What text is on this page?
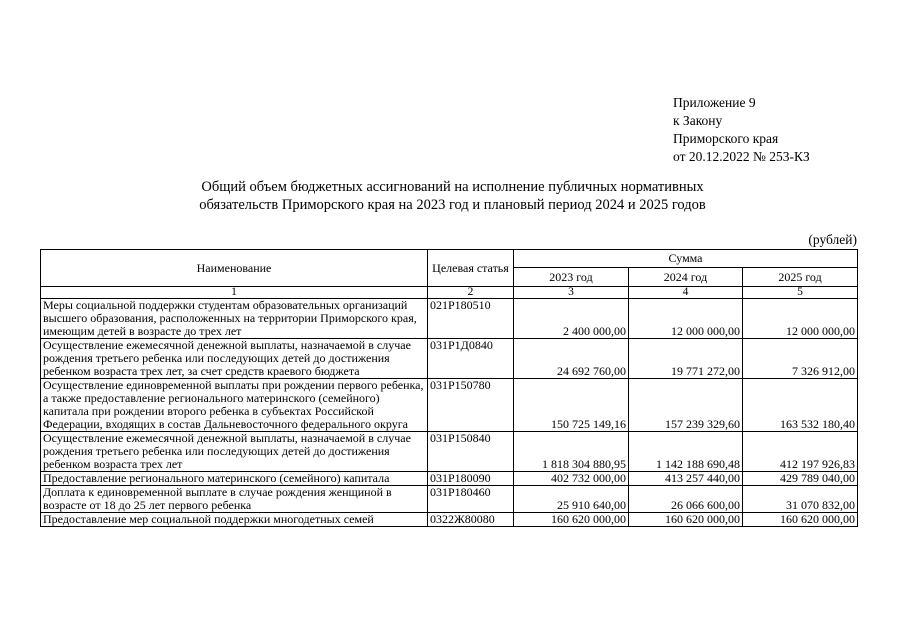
Приложение 9
к Закону
Приморского края
от 20.12.2022 № 253-КЗ
Общий объем бюджетных ассигнований на исполнение публичных нормативных
обязательств Приморского края на 2023 год и плановый период 2024 и 2025 годов
(рублей)
Наименование	Целевая статья	Сумма		
		2023 год	2024 год	2025 год
1	2	3	4	5
Меры социальной поддержки студентам образовательных организаций высшего образования, расположенных на территории Приморского края, имеющим детей в возрасте до трех лет	021Р180510	2 400 000,00	12 000 000,00	12 000 000,00
Осуществление ежемесячной денежной выплаты, назначаемой в случае рождения третьего ребенка или последующих детей до достижения ребенком возраста трех лет, за счет средств краевого бюджета	031Р1Д0840	24 692 760,00	19 771 272,00	7 326 912,00
Осуществление единовременной выплаты при рождении первого ребенка, а также предоставление регионального материнского (семейного) капитала при рождении второго ребенка в субъектах Российской Федерации, входящих в состав Дальневосточного федерального округа	031Р150780	150 725 149,16	157 239 329,60	163 532 180,40
Осуществление ежемесячной денежной выплаты, назначаемой в случае рождения третьего ребенка или последующих детей до достижения ребенком возраста трех лет	031Р150840	1 818 304 880,95	1 142 188 690,48	412 197 926,83
Предоставление регионального материнского (семейного) капитала	031Р180090	402 732 000,00	413 257 440,00	429 789 040,00
Доплата к единовременной выплате в случае рождения женщиной в возрасте от 18 до 25 лет первого ребенка	031Р180460	25 910 640,00	26 066 600,00	31 070 832,00
Предоставление мер социальной поддержки многодетных семей	0322Ж80080	160 620 000,00	160 620 000,00	160 620 000,00
